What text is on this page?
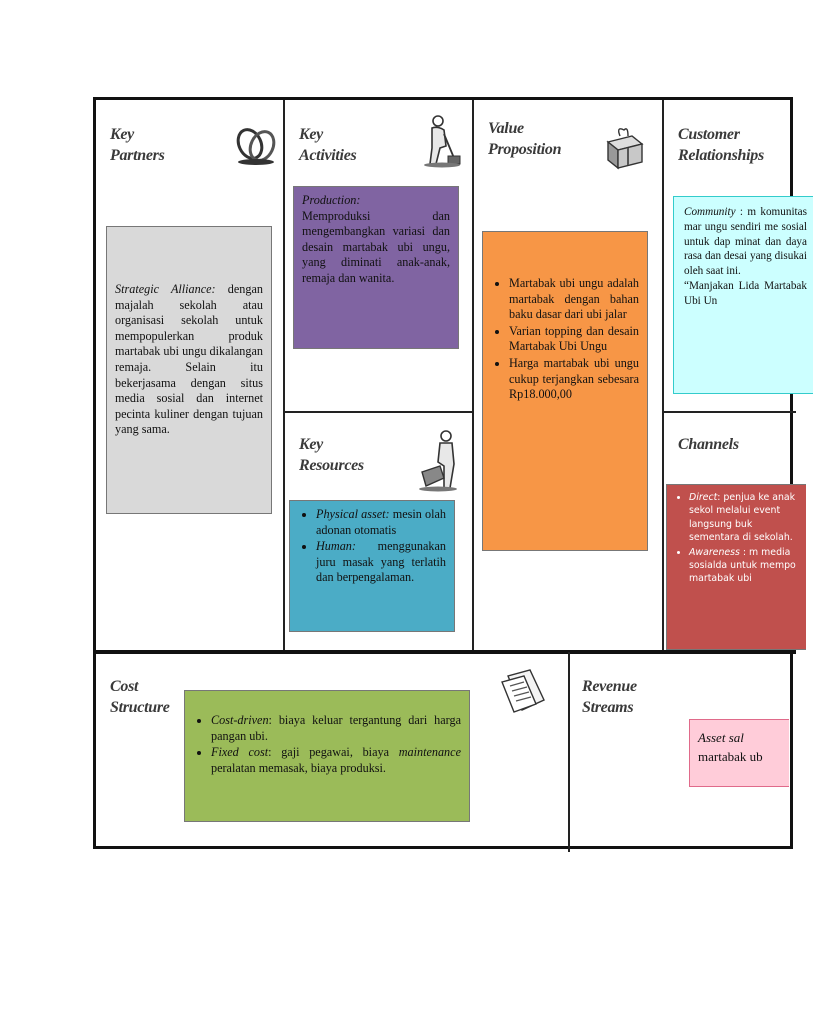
Key
Partners

Strategic Alliance: dengan majalah sekolah atau organisasi sekolah untuk mempopulerkan produk martabak ubi ungu dikalangan remaja. Selain itu bekerjasama dengan situs media sosial dan internet pecinta kuliner dengan tujuan yang sama.

Key
Activities

Production:

Memproduksi dan mengembangkan variasi dan desain martabak ubi ungu, yang diminati anak-anak, remaja dan wanita.

Key
Resources
• Physical asset: mesin olah adonan otomatis
• Human: menggunakan juru masak yang terlatih dan berpengalaman.
Value
Proposition
• Martabak ubi ungu adalah martabak dengan bahan baku dasar dari ubi jalar
• Varian topping dan desain Martabak Ubi Ungu
• Harga martabak ubi ungu cukup terjangkan sebesara Rp18.000,00
Customer
Relationships

Community : m komunitas mar ungu sendiri me sosial untuk dap minat dan daya rasa dan desai yang disukai oleh saat ini.

“Manjakan Lida Martabak Ubi Un

Channels
• Direct: penjua ke anak sekol melalui event langsung buk sementara di sekolah.
• Awareness : m media sosialda untuk mempo martabak ubi
Cost
Structure
• Cost-driven: biaya keluar tergantung dari harga pangan ubi.
• Fixed cost: gaji pegawai, biaya maintenance peralatan memasak, biaya produksi.
Revenue
Streams

Asset sal

martabak ub
